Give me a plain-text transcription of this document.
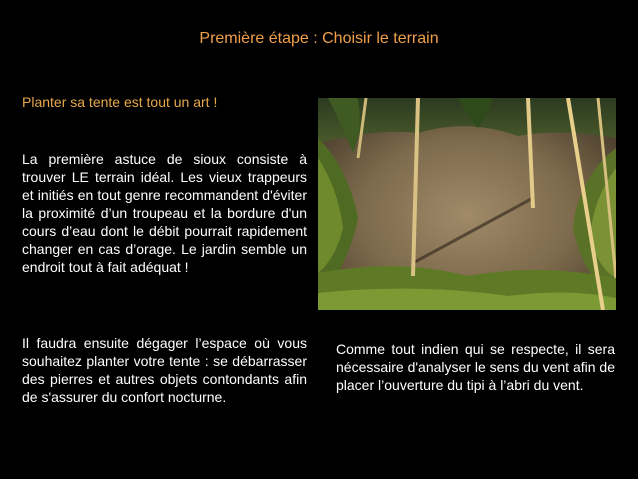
Première étape : Choisir le terrain
Planter sa tente est tout un art !
La première astuce de sioux consiste à trouver LE terrain idéal. Les vieux trappeurs et initiés en tout genre recommandent d'éviter la proximité d’un troupeau et la bordure d'un cours d’eau dont le débit pourrait rapidement changer en cas d’orage. Le jardin semble un endroit tout à fait adéquat !
Il faudra ensuite dégager l’espace où vous souhaitez planter votre tente : se débarrasser des pierres et autres objets contondants afin de s'assurer du confort nocturne.
Comme tout indien qui se respecte, il sera nécessaire d'analyser le sens du vent afin de placer l’ouverture du tipi à l’abri du vent.
